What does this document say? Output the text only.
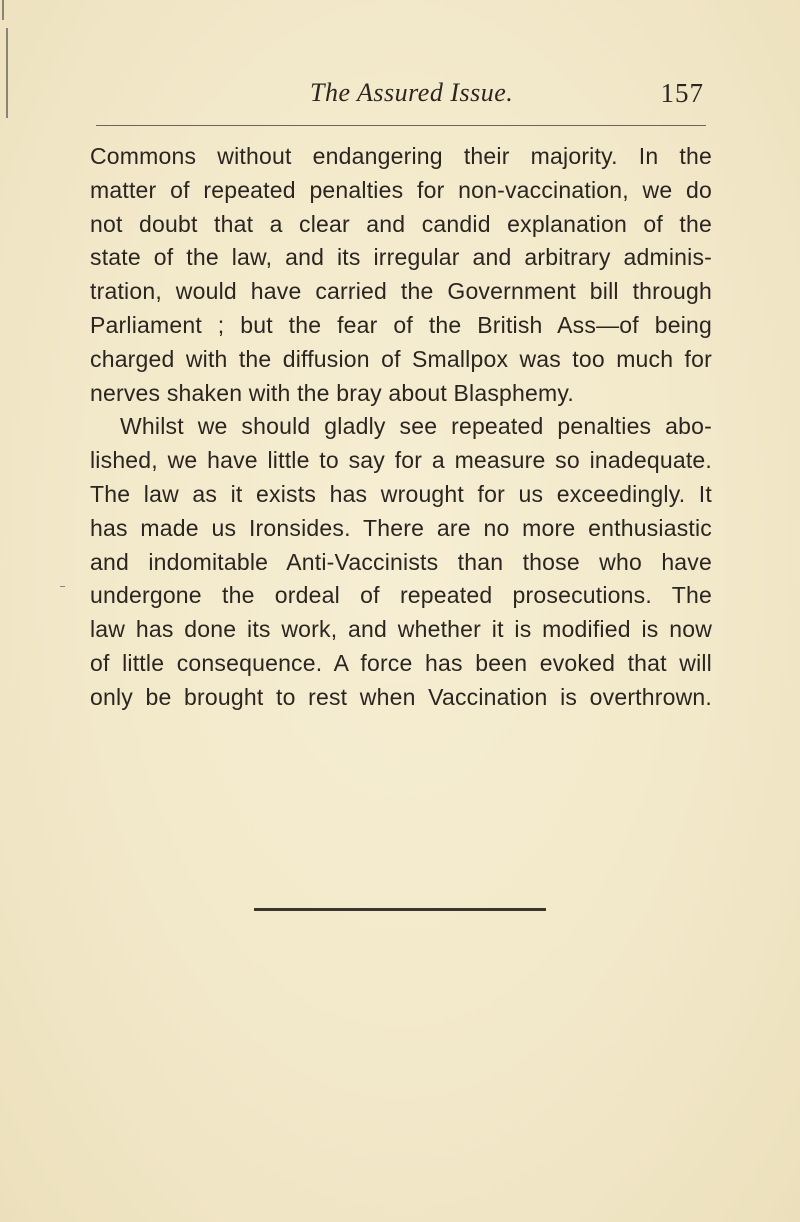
The Assured Issue.	157
Commons without endangering their majority. In the
matter of repeated penalties for non-vaccination, we do
not doubt that a clear and candid explanation of the
state of the law, and its irregular and arbitrary adminis-
tration, would have carried the Government bill through
Parliament ; but the fear of the British Ass—of being
charged with the diffusion of Smallpox was too much for
nerves shaken with the bray about Blasphemy.
Whilst we should gladly see repeated penalties abo-
lished, we have little to say for a measure so inadequate.
The law as it exists has wrought for us exceedingly. It
has made us Ironsides. There are no more enthusiastic
and indomitable Anti-Vaccinists than those who have
undergone the ordeal of repeated prosecutions. The
law has done its work, and whether it is modified is now
of little consequence. A force has been evoked that will
only be brought to rest when Vaccination is overthrown.
